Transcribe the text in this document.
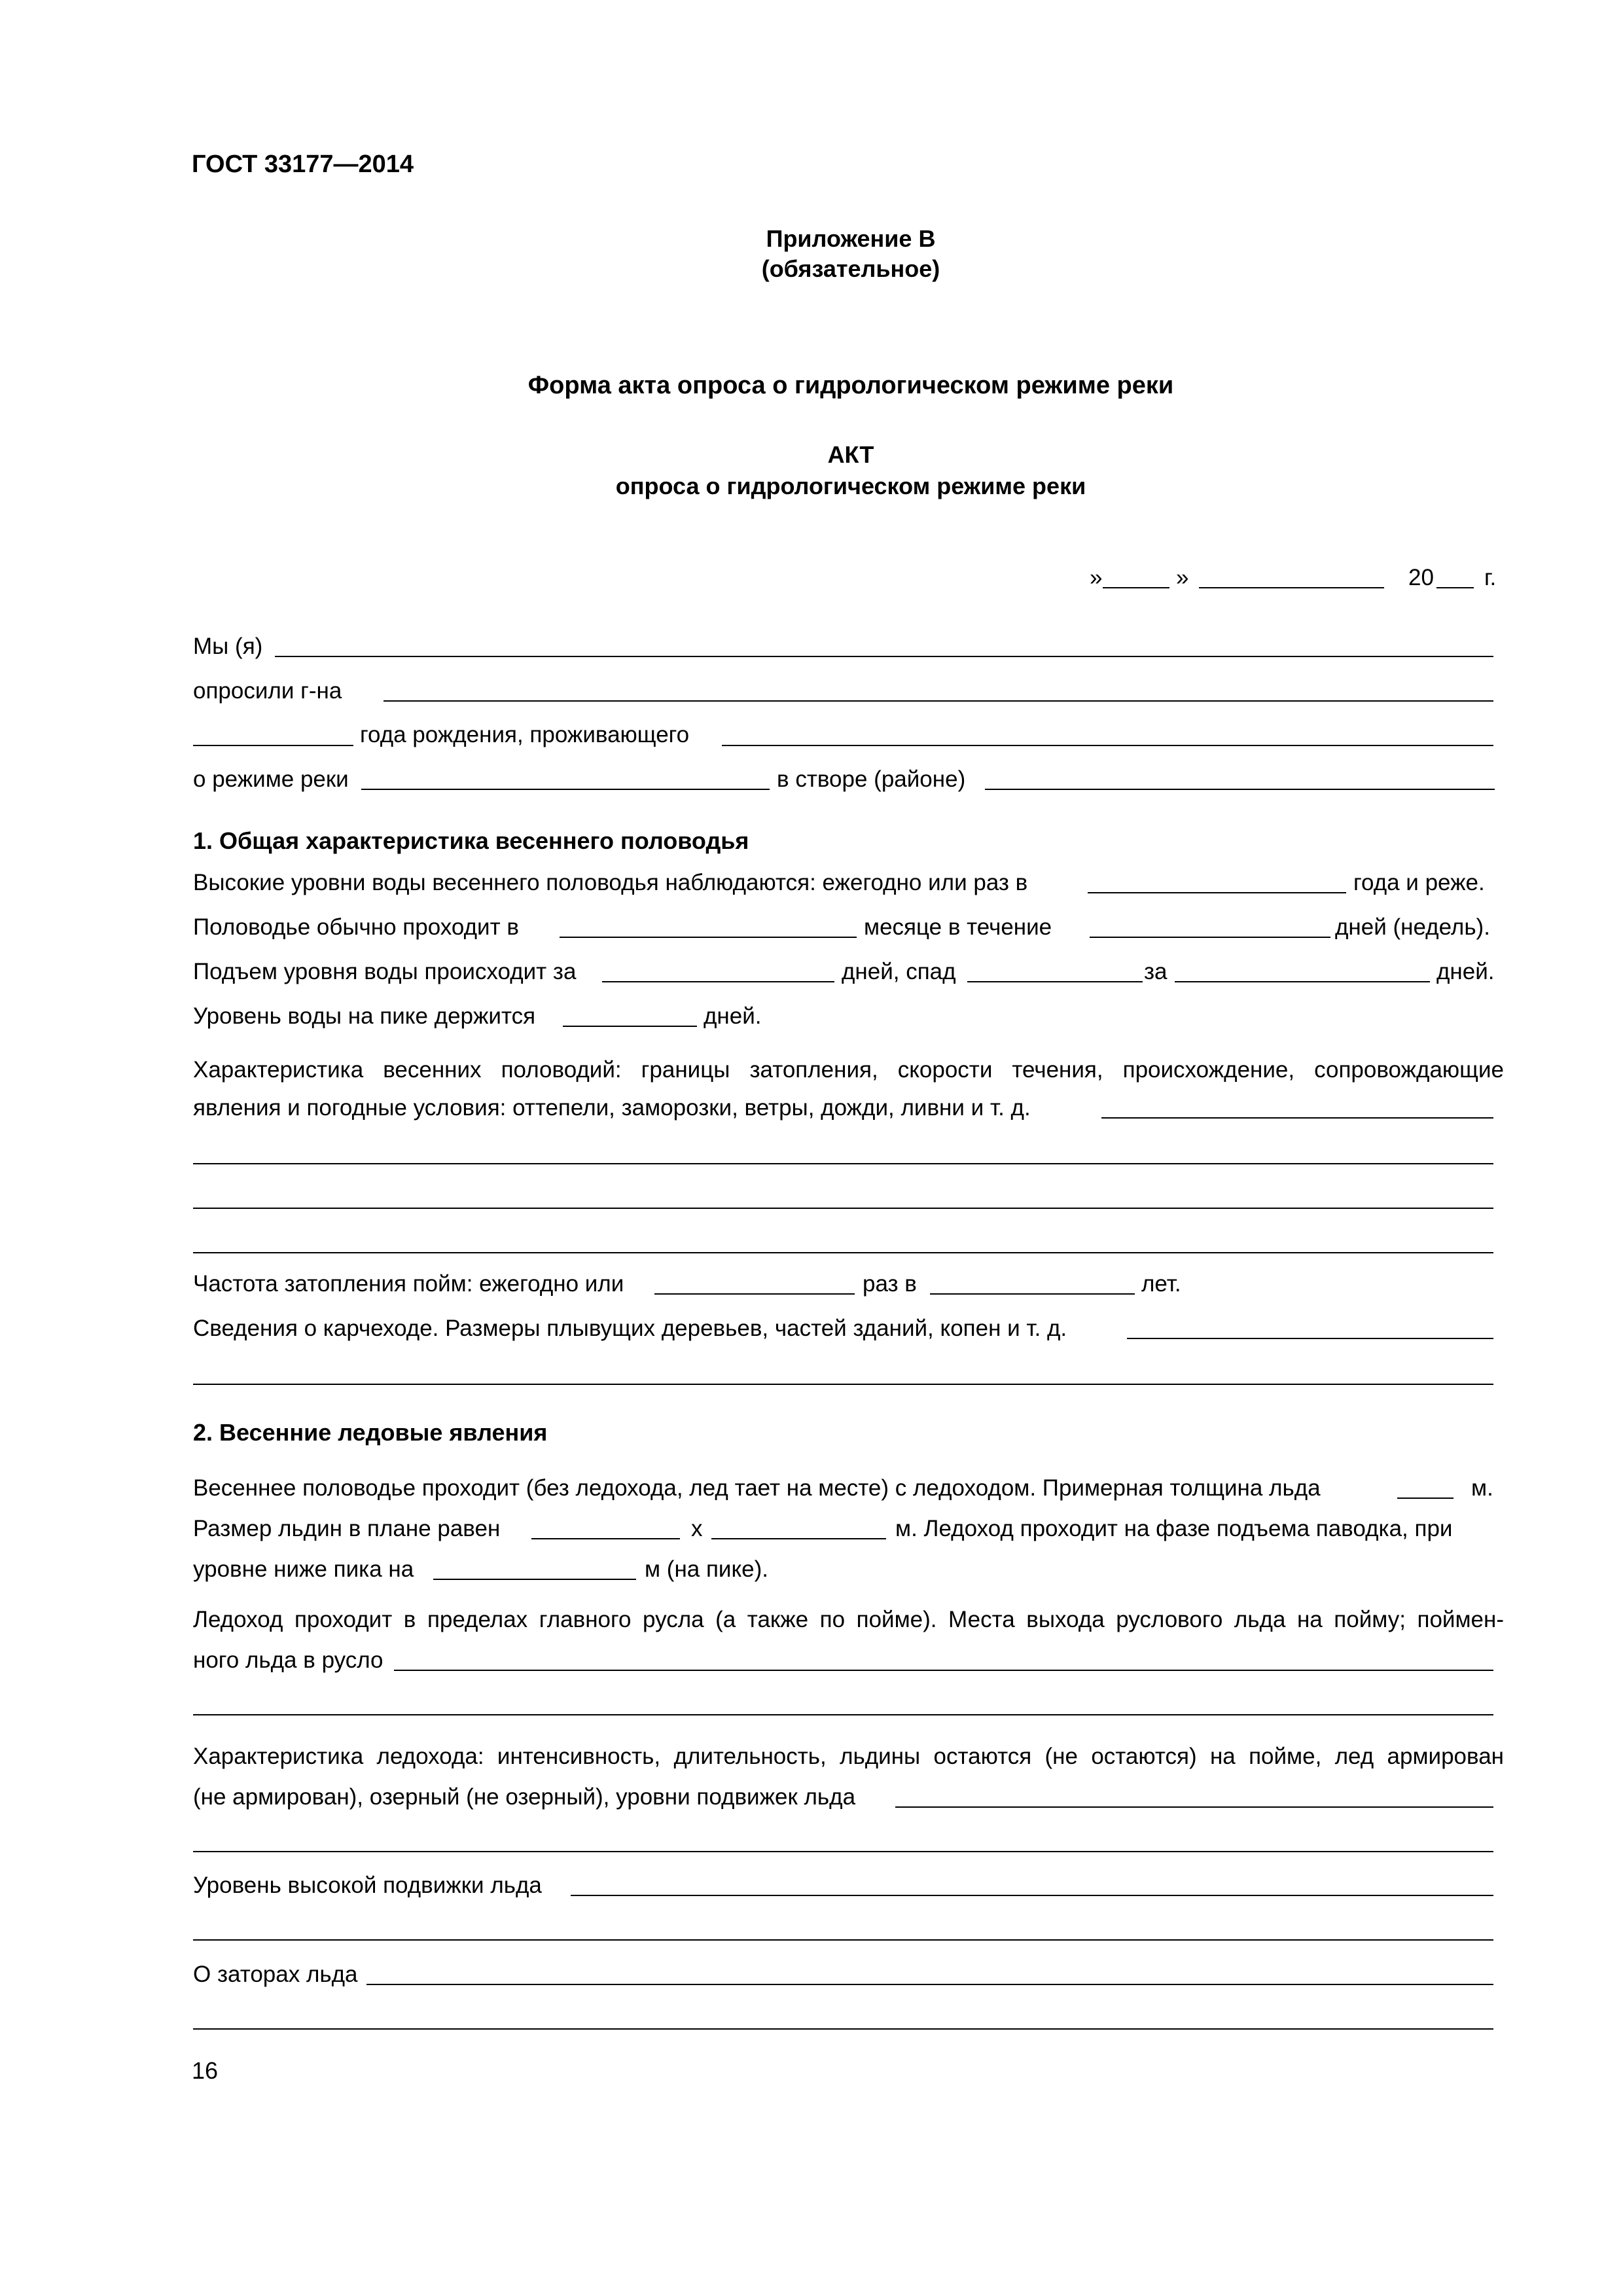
ГОСТ 33177—2014
Приложение В
(обязательное)
Форма акта опроса о гидрологическом режиме реки
АКТ
опроса о гидрологическом режиме реки
»	»	20 г.
Мы (я)
опросили г-на
года рождения, проживающего
о режиме реки	в створе (районе)
1. Общая характеристика весеннего половодья
Высокие уровни воды весеннего половодья наблюдаются: ежегодно или раз в	года и реже.
Половодье обычно проходит в	месяце в течение	дней (недель).
Подъем уровня воды происходит за	дней, спад	за	дней.
Уровень воды на пике держится	дней.
Характеристика весенних половодий: границы затопления, скорости течения, происхождение, сопровождающие
явления и погодные условия: оттепели, заморозки, ветры, дожди, ливни и т. д.
Частота затопления пойм: ежегодно или	раз в	лет.
Сведения о карчеходе. Размеры плывущих деревьев, частей зданий, копен и т. д.
2. Весенние ледовые явления
Весеннее половодье проходит (без ледохода, лед тает на месте) с ледоходом. Примерная толщина льда	м.
Размер льдин в плане равен	х	м. Ледоход проходит на фазе подъема паводка, при
уровне ниже пика на	м (на пике).
Ледоход проходит в пределах главного русла (а также по пойме). Места выхода руслового льда на пойму; поймен-
ного льда в русло
Характеристика ледохода: интенсивность, длительность, льдины остаются (не остаются) на пойме, лед армирован
(не армирован), озерный (не озерный), уровни подвижек льда
Уровень высокой подвижки льда
О заторах льда
16
